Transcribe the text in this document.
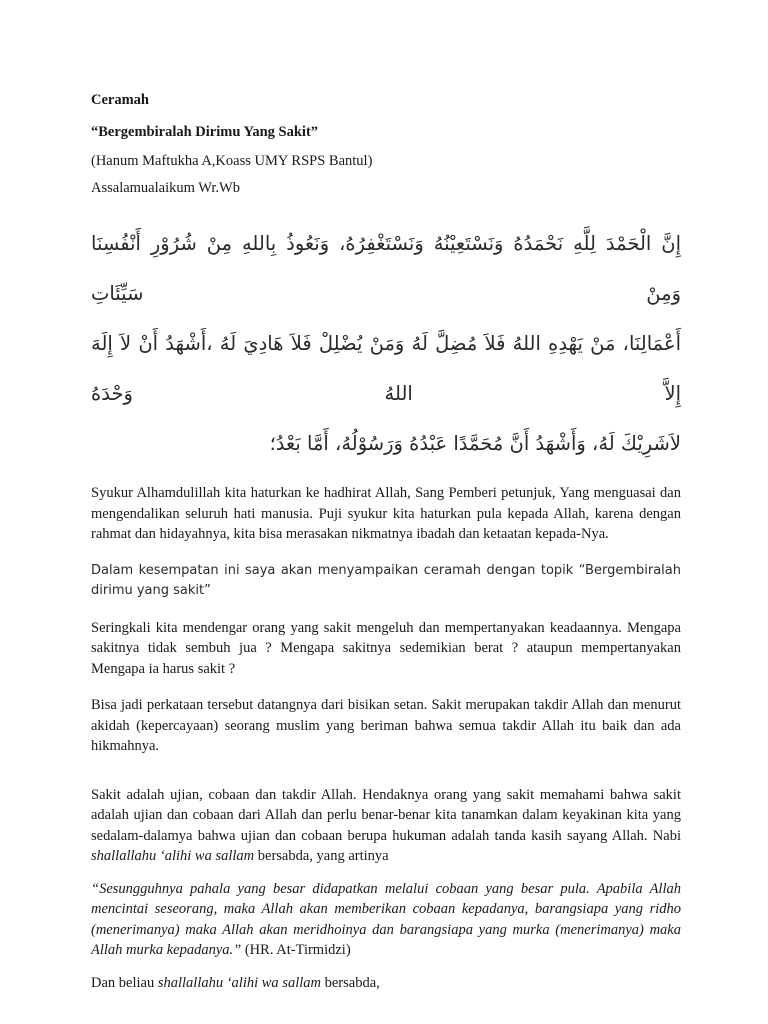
Ceramah
“Bergembiralah Dirimu Yang Sakit”
(Hanum Maftukha A,Koass UMY RSPS Bantul)
Assalamualaikum Wr.Wb
إِنَّ الْحَمْدَ لِلَّهِ نَحْمَدُهُ وَنَسْتَعِيْنُهُ وَنَسْتَغْفِرُهُ، وَنَعُوذُ بِاللهِ مِنْ شُرُوْرِ أَنْفُسِنَا وَمِنْ سَيِّئَاتِ
أَعْمَالِنَا، مَنْ يَهْدِهِ اللهُ فَلاَ مُضِلَّ لَهُ وَمَنْ يُضْلِلْ فَلاَ هَادِيَ لَهُ ،أَشْهَدُ أَنْ لاَ إِلَهَ إِلاَّ اللهُ وَحْدَهُ
لاَشَرِيْكَ لَهُ، وَأَشْهَدُ أَنَّ مُحَمَّدًا عَبْدُهُ وَرَسُوْلُهُ، أَمَّا بَعْدُ؛

Syukur Alhamdulillah kita haturkan ke hadhirat Allah, Sang Pemberi petunjuk, Yang menguasai dan mengendalikan seluruh hati manusia. Puji syukur kita haturkan pula kepada Allah, karena dengan rahmat dan hidayahnya, kita bisa merasakan nikmatnya ibadah dan ketaatan kepada-Nya.

Dalam kesempatan ini saya akan menyampaikan ceramah dengan topik “Bergembiralah dirimu yang sakit”

Seringkali kita mendengar orang yang sakit mengeluh dan mempertanyakan keadaannya. Mengapa sakitnya tidak sembuh jua ? Mengapa sakitnya sedemikian berat ? ataupun mempertanyakan Mengapa ia harus sakit ?

Bisa jadi perkataan tersebut datangnya dari bisikan setan. Sakit merupakan takdir Allah dan menurut akidah (kepercayaan) seorang muslim yang beriman bahwa semua takdir Allah itu baik dan ada hikmahnya.

Sakit adalah ujian, cobaan dan takdir Allah. Hendaknya orang yang sakit memahami bahwa sakit adalah ujian dan cobaan dari Allah dan perlu benar-benar kita tanamkan dalam keyakinan kita yang sedalam-dalamya bahwa ujian dan cobaan berupa hukuman adalah tanda kasih sayang Allah. Nabi shallallahu ‘alihi wa sallam bersabda, yang artinya

“Sesungguhnya pahala yang besar didapatkan melalui cobaan yang besar pula. Apabila Allah mencintai seseorang, maka Allah akan memberikan cobaan kepadanya, barangsiapa yang ridho (menerimanya) maka Allah akan meridhoinya dan barangsiapa yang murka (menerimanya) maka Allah murka kepadanya.” (HR. At-Tirmidzi)

Dan beliau shallallahu ‘alihi wa sallam bersabda,
